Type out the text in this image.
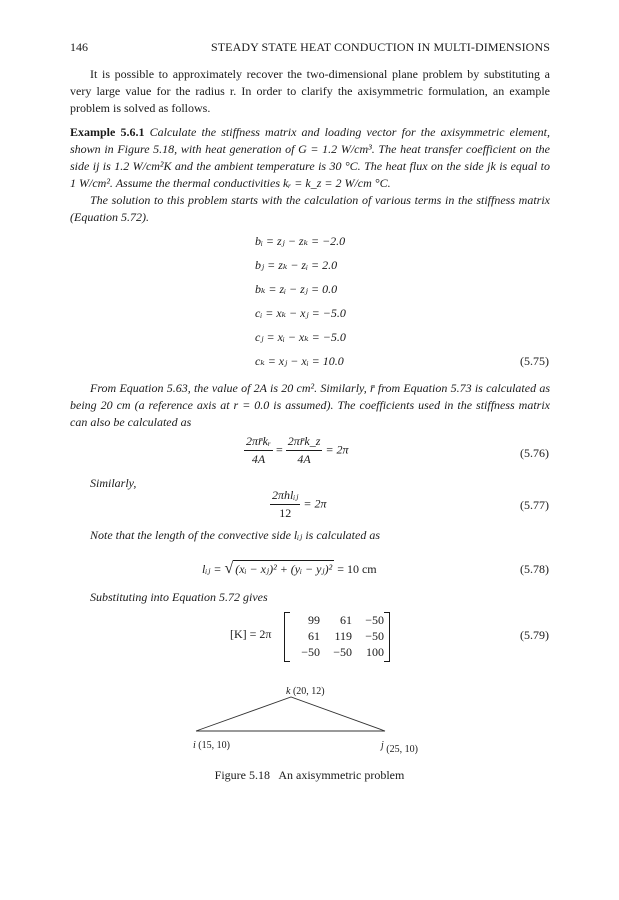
146	STEADY STATE HEAT CONDUCTION IN MULTI-DIMENSIONS

It is possible to approximately recover the two-dimensional plane problem by substituting a very large value for the radius r. In order to clarify the axisymmetric formulation, an example problem is solved as follows.

Example 5.6.1 Calculate the stiffness matrix and loading vector for the axisymmetric element, shown in Figure 5.18, with heat generation of G = 1.2 W/cm³. The heat transfer coefficient on the side ij is 1.2 W/cm²K and the ambient temperature is 30 °C. The heat flux on the side jk is equal to 1 W/cm². Assume the thermal conductivities kᵣ = k_z = 2 W/cm °C.

The solution to this problem starts with the calculation of various terms in the stiffness matrix (Equation 5.72).

bᵢ = zⱼ − zₖ = −2.0
bⱼ = zₖ − zᵢ = 2.0
bₖ = zᵢ − zⱼ = 0.0
cᵢ = xₖ − xⱼ = −5.0
cⱼ = xᵢ − xₖ = −5.0
cₖ = xⱼ − xᵢ = 10.0	(5.75)

From Equation 5.63, the value of 2A is 20 cm². Similarly, r̄ from Equation 5.73 is calculated as being 20 cm (a reference axis at r = 0.0 is assumed). The coefficients used in the stiffness matrix can also be calculated as

$\frac{\text{2πr̄kᵣ}}{4A} = \frac{2\pi r̄k\_z}{4A} = 2\pi$	(5.76)
Similarly,
$\frac{\text{2πhlᵢⱼ}}{12} = 2\pi$	(5.77)
Note that the length of the convective side lᵢⱼ is calculated as
lᵢⱼ = √ (xᵢ − xⱼ)² + (yᵢ − yⱼ)² = 10 cm	(5.78)
Substituting into Equation 5.72 gives
[K] = 2π
99	61	−50
61	119	−50
−50	−50	100
(5.79)
k (20, 12)
i (15, 10)	j (25, 10)
Figure 5.18   An axisymmetric problem
